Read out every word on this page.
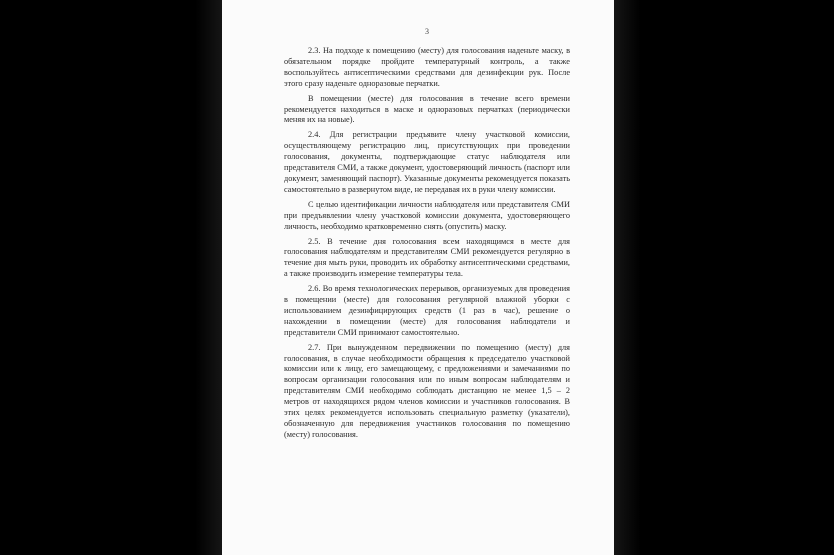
3

2.3. На подходе к помещению (месту) для голосования наденьте маску, в обязательном порядке пройдите температурный контроль, а также воспользуйтесь антисептическими средствами для дезинфекции рук. После этого сразу наденьте одноразовые перчатки.

В помещении (месте) для голосования в течение всего времени рекомендуется находиться в маске и одноразовых перчатках (периодически меняя их на новые).

2.4. Для регистрации предъявите члену участковой комиссии, осуществляющему регистрацию лиц, присутствующих при проведении голосования, документы, подтверждающие статус наблюдателя или представителя СМИ, а также документ, удостоверяющий личность (паспорт или документ, заменяющий паспорт). Указанные документы рекомендуется показать самостоятельно в развернутом виде, не передавая их в руки члену комиссии.

С целью идентификации личности наблюдателя или представителя СМИ при предъявлении члену участковой комиссии документа, удостоверяющего личность, необходимо кратковременно снять (опустить) маску.

2.5. В течение дня голосования всем находящимся в месте для голосования наблюдателям и представителям СМИ рекомендуется регулярно в течение дня мыть руки, проводить их обработку антисептическими средствами, а также производить измерение температуры тела.

2.6. Во время технологических перерывов, организуемых для проведения в помещении (месте) для голосования регулярной влажной уборки с использованием дезинфицирующих средств (1 раз в час), решение о нахождении в помещении (месте) для голосования наблюдатели и представители СМИ принимают самостоятельно.

2.7. При вынужденном передвижении по помещению (месту) для голосования, в случае необходимости обращения к председателю участковой комиссии или к лицу, его замещающему, с предложениями и замечаниями по вопросам организации голосования или по иным вопросам наблюдателям и представителям СМИ необходимо соблюдать дистанцию не менее 1,5 – 2 метров от находящихся рядом членов комиссии и участников голосования. В этих целях рекомендуется использовать специальную разметку (указатели), обозначенную для передвижения участников голосования по помещению (месту) голосования.
